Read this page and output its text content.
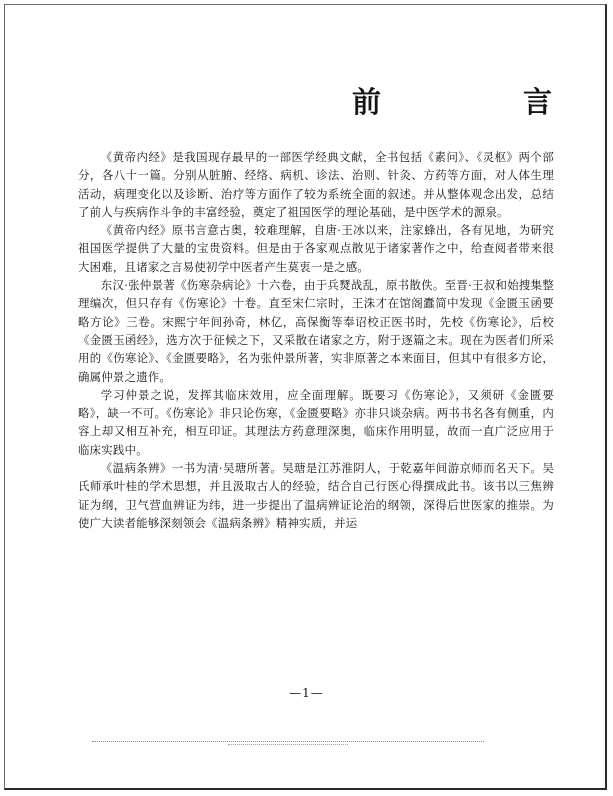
前	言

《黄帝内经》是我国现存最早的一部医学经典文献，全书包括《素问》、《灵枢》两个部分，各八十一篇。分别从脏腑、经络、病机、诊法、治则、针灸、方药等方面，对人体生理活动，病理变化以及诊断、治疗等方面作了较为系统全面的叙述。并从整体观念出发，总结了前人与疾病作斗争的丰富经验，奠定了祖国医学的理论基础，是中医学术的源泉。

《黄帝内经》原书言意古奥，较难理解，自唐·王冰以来，注家蜂出，各有见地，为研究祖国医学提供了大量的宝贵资料。但是由于各家观点散见于诸家著作之中，给查阅者带来很大困难，且诸家之言易使初学中医者产生莫衷一是之感。

东汉·张仲景著《伤寒杂病论》十六卷，由于兵燹战乱，原书散佚。至晋·王叔和始捜集整理编次，但只存有《伤寒论》十卷。直至宋仁宗时，王洙才在馆阁蠹简中发现《金匮玉函要略方论》三卷。宋熙宁年间孙奇，林亿，高保衡等奉诏校正医书时，先校《伤寒论》，后校《金匮玉函经》，选方次于征候之下，又采散在诸家之方，附于逐篇之末。现在为医者们所采用的《伤寒论》、《金匮要略》，名为张仲景所著，实非原著之本来面目，但其中有很多方论，确属仲景之遗作。

学习仲景之说，发挥其临床效用，应全面理解。既要习《伤寒论》，又须研《金匮要略》，缺一不可。《伤寒论》非只论伤寒，《金匮要略》亦非只谈杂病。两书书名各有侧重，内容上却又相互补充，相互印证。其理法方药意理深奥，临床作用明显，故而一直广泛应用于临床实践中。

《温病条辨》一书为清·吴瑭所著。吴瑭是江苏淮阴人，于乾嘉年间游京师而名天下。吴氏师承叶桂的学术思想，并且汲取古人的经验，结合自己行医心得撰成此书。该书以三焦辨证为纲，卫气营血辨证为纬，进一步提出了温病辨证论治的纲领，深得后世医家的推崇。为使广大读者能够深刻领会《温病条辨》精神实质，并运

—1—
